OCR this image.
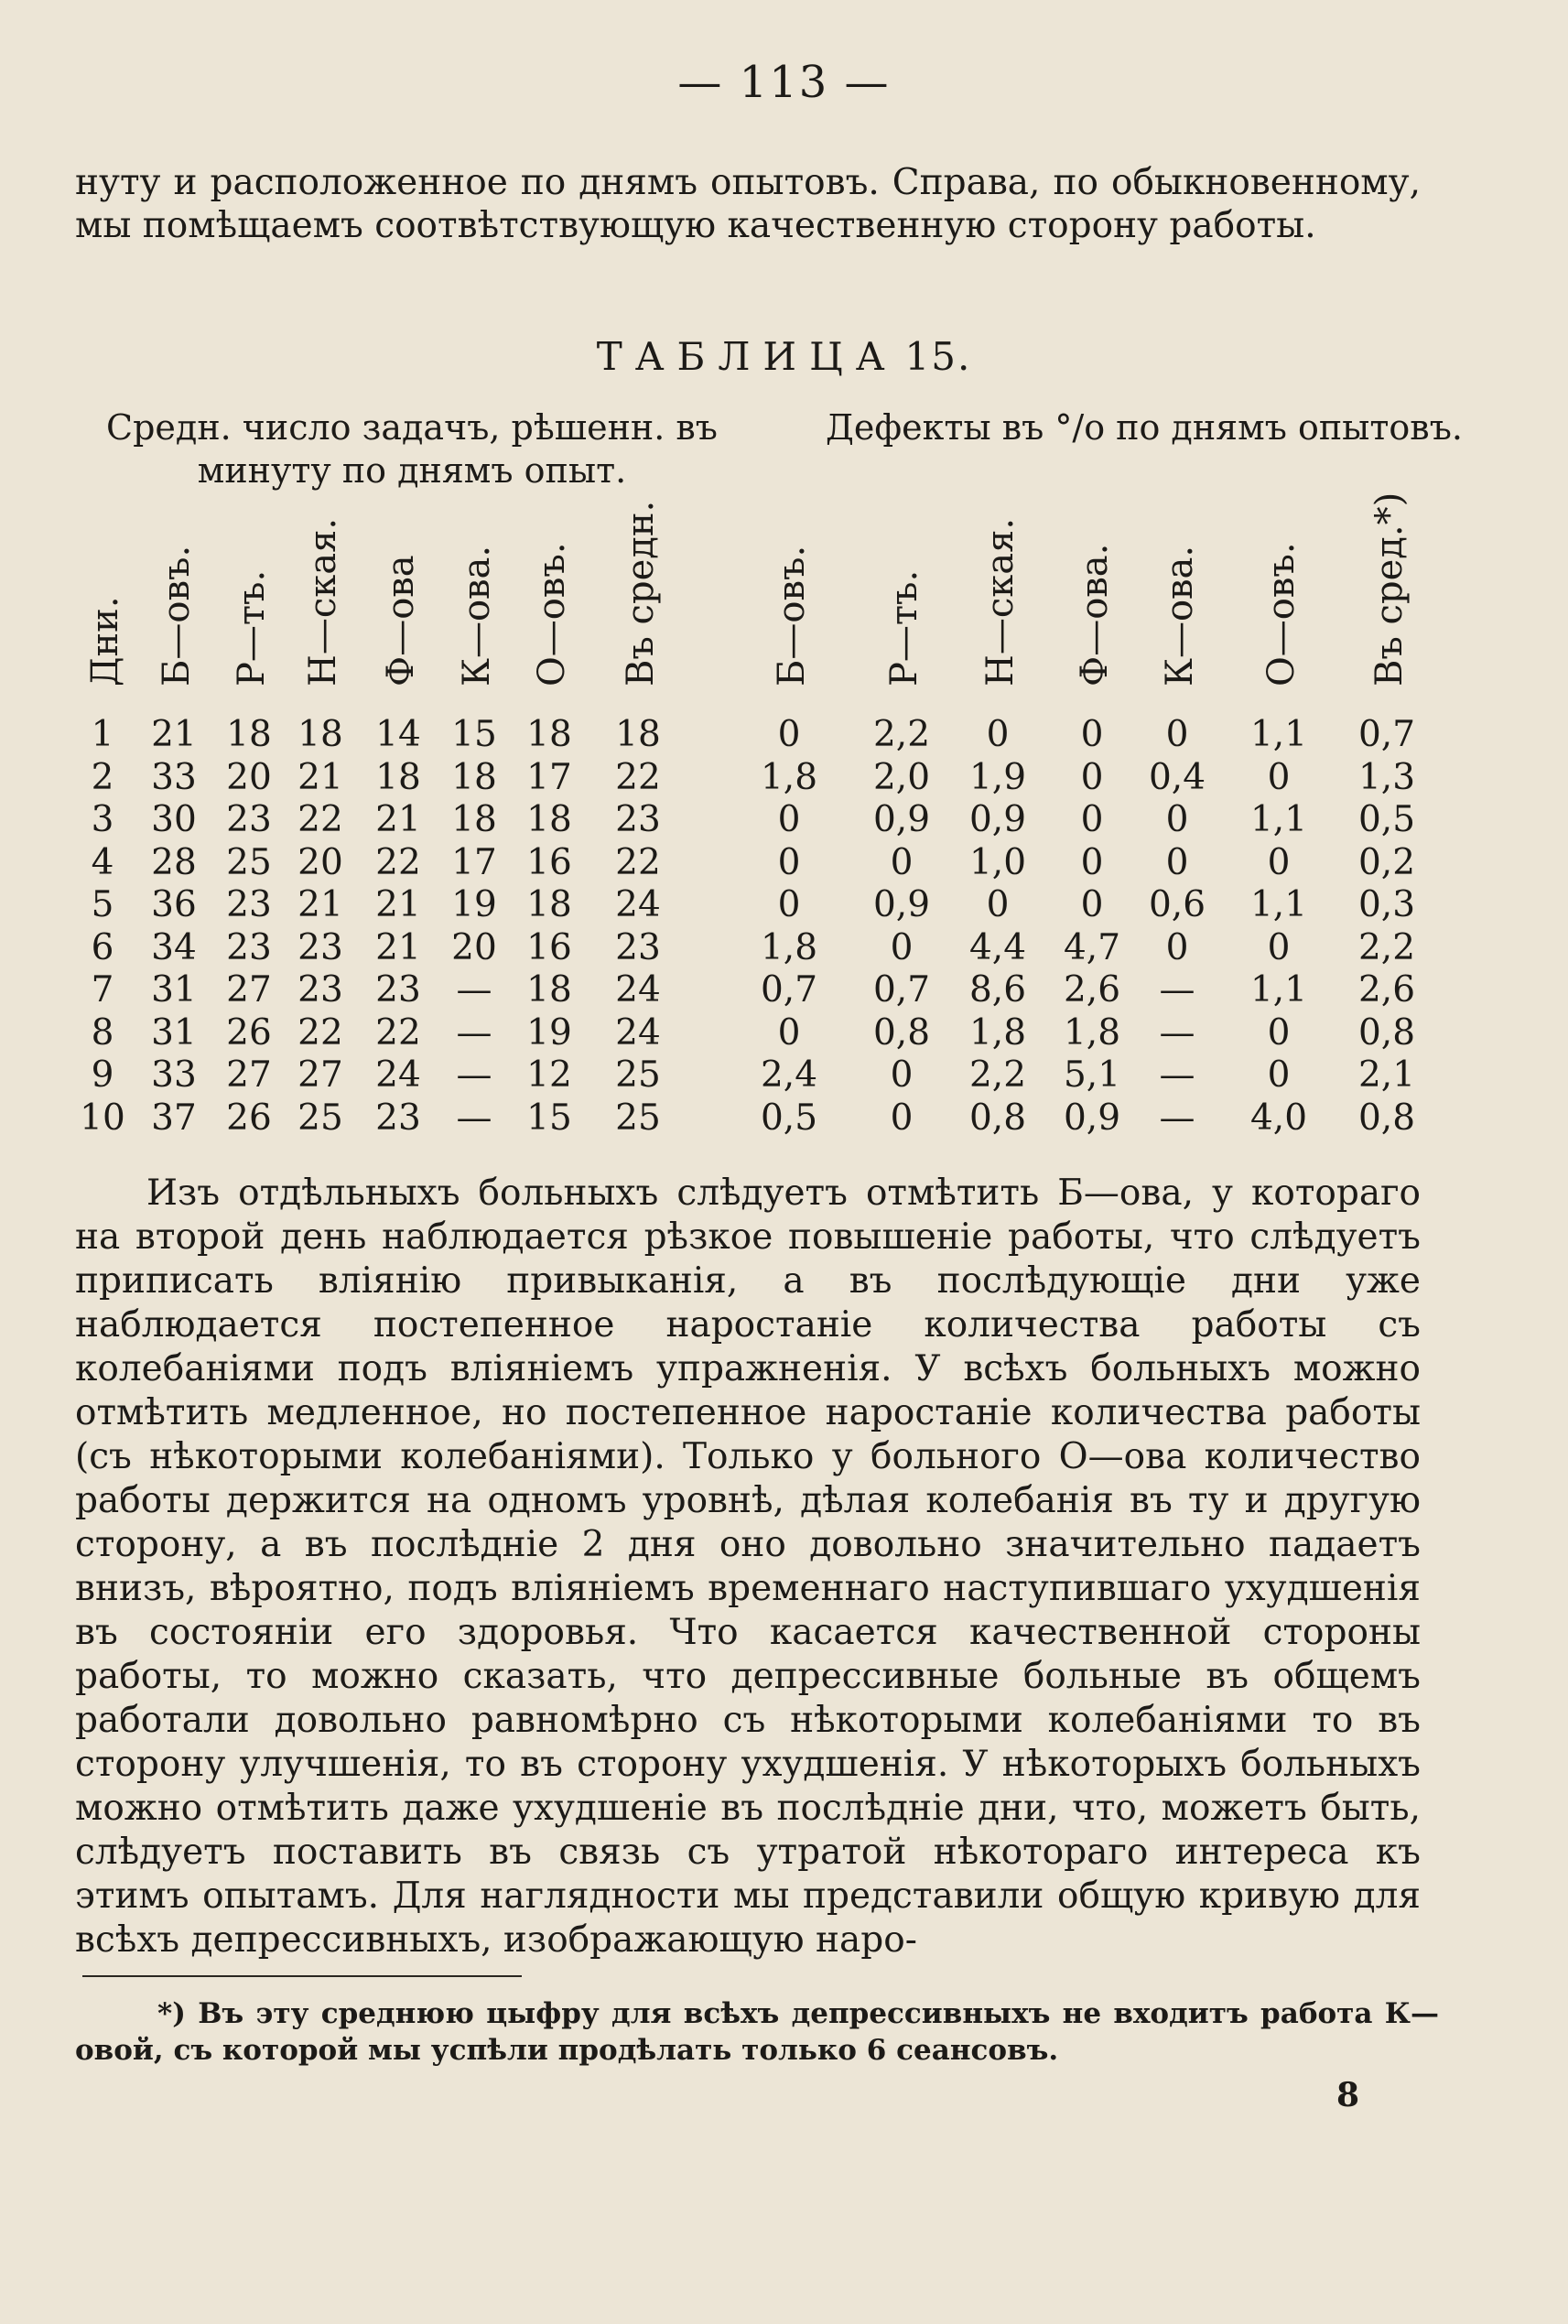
— 113 —

нуту и расположенное по днямъ опытовъ. Справа, по обыкновенному, мы помѣщаемъ соотвѣтствующую качественную сторону работы.

ТАБЛИЦА 15.
Средн. число задачъ, рѣшенн. въ минуту по днямъ опыт.
Дефекты въ °/о по днямъ опытовъ.
Дни. Б—овъ. Р—тъ. Н—ская. Ф—ова К—ова. О—овъ. Въ средн.	Б—овъ. Р—тъ. Н—ская. Ф—ова. К—ова. О—овъ. Въ сред.*)
1	21 18 18 14 15 18	18	0	2,2	0	0	0	1,1	0,7
2	33 20 21 18 18 17	22	1,8 2,0 1,9	0	0,4	0	1,3
3	30 23 22 21 18 18	23	0	0,9 0,9	0	0	1,1	0,5
4	28 25 20 22 17 16	22	0	0	1,0	0	0	0	0,2
5	36 23 21 21 19 18	24	0	0,9	0	0	0,6 1,1	0,3
6	34 23 23 21 20 16	23	1,8	0	4,4 4,7	0	0	2,2
7	31 27 23 23 — 18	24	0,7 0,7 8,6 2,6	—	1,1	2,6
8	31 26 22 22 — 19	24	0	0,8 1,8 1,8	—	0	0,8
9	33 27 27 24 — 12	25	2,4	0	2,2 5,1	—	0	2,1
10 37 26 25 23 — 15	25	0,5	0	0,8 0,9	—	4,0	0,8

Изъ отдѣльныхъ больныхъ слѣдуетъ отмѣтить Б—ова, у котораго на второй день наблюдается рѣзкое повышеніе работы, что слѣдуетъ приписать вліянію привыканія, а въ послѣдующіе дни уже наблюдается постепенное наростаніе количества работы съ колебаніями подъ вліяніемъ упражненія. У всѣхъ больныхъ можно отмѣтить медленное, но постепенное наростаніе количества работы (съ нѣкоторыми колебаніями). Только у больного О—ова количество работы держится на одномъ уровнѣ, дѣлая колебанія въ ту и другую сторону, а въ послѣдніе 2 дня оно довольно значительно падаетъ внизъ, вѣроятно, подъ вліяніемъ временнаго наступившаго ухудшенія въ состояніи его здоровья. Что касается качественной стороны работы, то можно сказать, что депрессивные больные въ общемъ работали довольно равномѣрно съ нѣкоторыми колебаніями то въ сторону улучшенія, то въ сторону ухудшенія. У нѣкоторыхъ больныхъ можно отмѣтить даже ухудшеніе въ послѣдніе дни, что, можетъ быть, слѣдуетъ поставить въ связь съ утратой нѣкотораго интереса къ этимъ опытамъ. Для наглядности мы представили общую кривую для всѣхъ депрессивныхъ, изображающую наро-

*) Въ эту среднюю цыфру для всѣхъ депрессивныхъ не входитъ работа К—овой, съ которой мы успѣли продѣлать только 6 сеансовъ.

8
